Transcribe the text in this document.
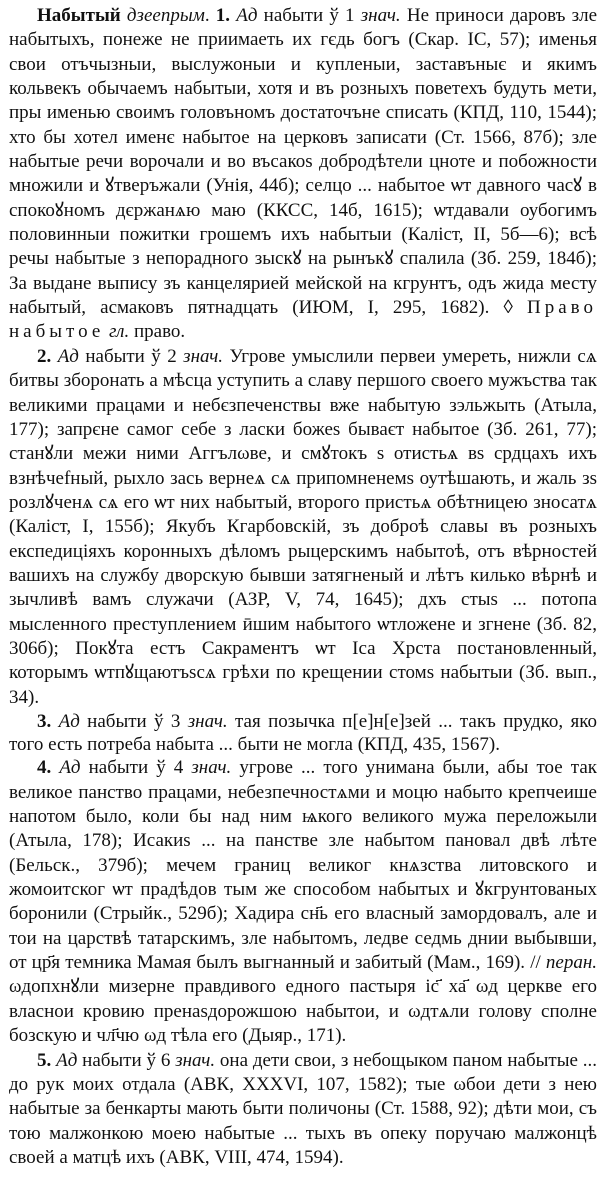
Набытый дзеепрым. 1. Ад набыти ў 1 знач. Не приноси даровъ зле набытыхъ, понеже не приимаеть их гєдь богъ (Скар. ІС, 57); именья свои отъчызныи, выслужоныи и купленыи, заставъныє и якимъ кольвекъ обычаемъ набытыи, хотя и въ розныхъ поветехъ будуть мети, пры именью своимъ головъномъ достаточъне списать (КПД, 110, 1544); хто бы хотел именє набытое на церковъ записати (Ст. 1566, 87б); зле набытые речи ворочали и во въсакоѕ добродѣтели цноте и побожности множили и ꙋтверъжали (Унія, 44б); селцо ... набытое ѡт давного часꙋ в спокоꙋномъ дєржанѧю маю (ККСС, 14б, 1615); ѡтдавали оубогимъ половинныи пожитки грошемъ ихъ набытыи (Каліст, II, 5б—6); всѣ речы набытые з непорадного зыскꙋ на рынъкꙋ спалила (Зб. 259, 184б); За выдане выпису зъ канцелярией мейской на кгрунтъ, одъ жида месту набытый, асмаковъ пятнадцать (ИЮМ, І, 295, 1682). ◊ Право набытое гл. право.

2. Ад набыти ў 2 знач. Угрове умыслили первеи умереть, нижли сѧ битвы зборонать а мѣсца уступить а славу першого своего мужъства так великими працами и небєзпеченствы вже набытую зэльжыть (Атыла, 177); запрєне самог себе з ласки божеѕ бываєт набытое (Зб. 261, 77); станꙋли межи ними Аггълωве, и смꙋтокъ ѕ отистьѧ вѕ срдцахъ ихъ взнѣчеfный, рыхло зась вернеѧ сѧ припомненемѕ оутѣшають, и жаль зѕ розлꙋченѧ сѧ его ѡт них набытый, второго пристьѧ обѣтницею зносатѧ (Каліст, І, 155б); Якубъ Кгарбовскій, зъ доброѣ славы въ розныхъ експедиціяхъ коронныхъ дѣломъ рыцерскимъ набытоѣ, отъ вѣрностей вашихъ на службу дворскую бывши затягненый и лѣтъ килько вѣрнѣ и зычливѣ вамъ служачи (АЗР, V, 74, 1645); дхъ стыѕ ... потопа мысленного преступлением ӣшим набытого ѡтложене и згнене (Зб. 82, 306б); Покꙋта естъ Сакраментъ ѡт Іса Хрста постановленный, которымъ ѡтпꙋщаютъѕсѧ грѣхи по крещении стомѕ набытыи (Зб. вып., 34).

3. Ад набыти ў 3 знач. тая позычка п[е]н[е]зей ... такъ прудко, яко того есть потреба набыта ... быти не могла (КПД, 435, 1567).

4. Ад набыти ў 4 знач. угрове ... того унимана были, абы тое так великое панство працами, небезпечностѧми и моцю набыто крепчеише напотом было, коли бы над ним ѩкого великого мужа переложыли (Атыла, 178); Исакиѕ ... на панстве зле набытом пановал двѣ лѣте (Бельск., 379б); мечем границ великог кнѧзства литовского и жомоитског ѡт прадѣдов тым же способом набытых и ꙋкгрунтованых боронили (Стрыйк., 529б); Хадира сн҃ь его власный замордовалъ, але и тои на царствѣ татарскимъ, зле набытомъ, ледве седмь днии выбывши, от цр҃я темника Мамая былъ выгнанный и забитый (Мам., 169). // перан. ωдопхнꙋли мизерне правдивого едного пастыря іс҃ ха҃ ωд церкве его власнои кровию пренаѕдорожшою набытои, и ωдтѧли голову сполне бозскую и чл҃чю ωд тѣла его (Дыяр., 171).

5. Ад набыти ў 6 знач. она дети свои, з небощыком паном набытые ... до рук моих отдала (АВК, XXXVI, 107, 1582); тые ωбои дети з нею набытые за бенкарты мають быти поличоны (Ст. 1588, 92); дѣти мои, съ тою малжонкою моею набытые ... тыхъ въ опеку поручаю малжонцѣ своей а матцѣ ихъ (АВК, VIII, 474, 1594).
